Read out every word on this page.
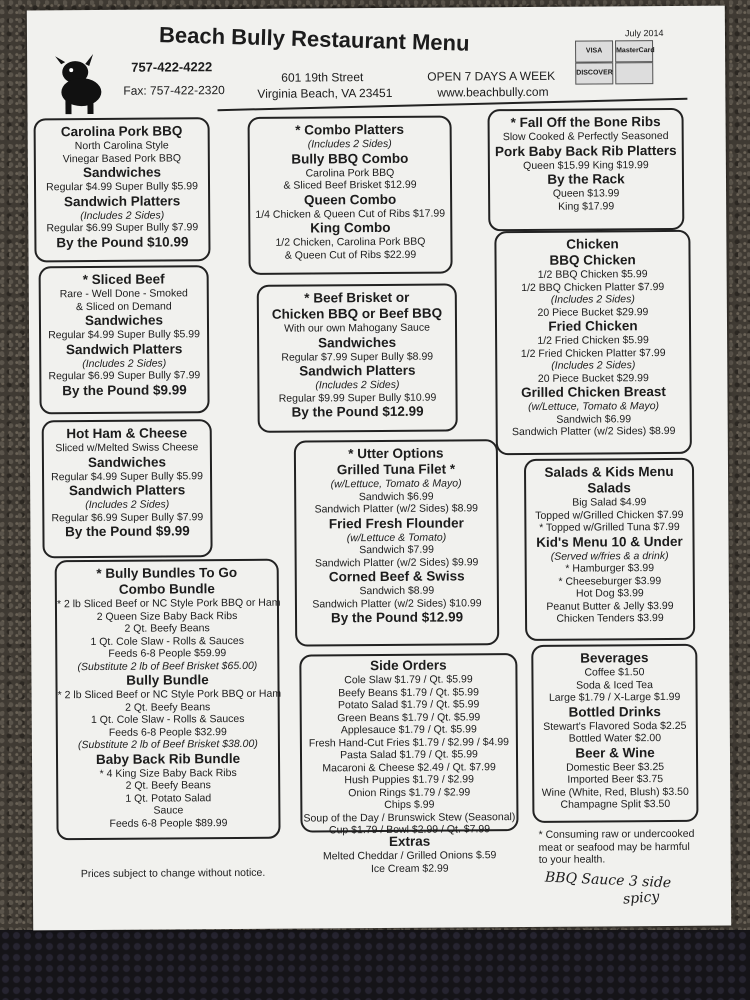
Beach Bully Restaurant Menu
757-422-4222
Fax: 757-422-2320
601 19th Street
Virginia Beach, VA 23451
OPEN 7 DAYS A WEEK
www.beachbully.com
July 2014
VISA	MasterCard
DISCOVER
Carolina Pork BBQ
North Carolina Style
Vinegar Based Pork BBQ
Sandwiches
Regular $4.99 Super Bully $5.99
Sandwich Platters
(Includes 2 Sides)
Regular $6.99 Super Bully $7.99
By the Pound $10.99
* Combo Platters
(Includes 2 Sides)
Bully BBQ Combo
Carolina Pork BBQ
& Sliced Beef Brisket $12.99
Queen Combo
1/4 Chicken & Queen Cut of Ribs $17.99
King Combo
1/2 Chicken, Carolina Pork BBQ
& Queen Cut of Ribs $22.99
* Fall Off the Bone Ribs
Slow Cooked & Perfectly Seasoned
Pork Baby Back Rib Platters
Queen $15.99 King $19.99
By the Rack
Queen $13.99
King $17.99
* Sliced Beef
Rare - Well Done - Smoked
& Sliced on Demand
Sandwiches
Regular $4.99 Super Bully $5.99
Sandwich Platters
(Includes 2 Sides)
Regular $6.99 Super Bully $7.99
By the Pound $9.99
* Beef Brisket or
Chicken BBQ or Beef BBQ
With our own Mahogany Sauce
Sandwiches
Regular $7.99 Super Bully $8.99
Sandwich Platters
(Includes 2 Sides)
Regular $9.99 Super Bully $10.99
By the Pound $12.99
Chicken
BBQ Chicken
1/2 BBQ Chicken $5.99
1/2 BBQ Chicken Platter $7.99
(Includes 2 Sides)
20 Piece Bucket $29.99
Fried Chicken
1/2 Fried Chicken $5.99
1/2 Fried Chicken Platter $7.99
(Includes 2 Sides)
20 Piece Bucket $29.99
Grilled Chicken Breast
(w/Lettuce, Tomato & Mayo)
Sandwich $6.99
Sandwich Platter (w/2 Sides) $8.99
Hot Ham & Cheese
Sliced w/Melted Swiss Cheese
Sandwiches
Regular $4.99 Super Bully $5.99
Sandwich Platters
(Includes 2 Sides)
Regular $6.99 Super Bully $7.99
By the Pound $9.99
* Utter Options
Grilled Tuna Filet *
(w/Lettuce, Tomato & Mayo)
Sandwich $6.99
Sandwich Platter (w/2 Sides) $8.99
Fried Fresh Flounder
(w/Lettuce & Tomato)
Sandwich $7.99
Sandwich Platter (w/2 Sides) $9.99
Corned Beef & Swiss
Sandwich $8.99
Sandwich Platter (w/2 Sides) $10.99
By the Pound $12.99
Salads & Kids Menu
Salads
Big Salad $4.99
Topped w/Grilled Chicken $7.99
* Topped w/Grilled Tuna $7.99
Kid's Menu 10 & Under
(Served w/fries & a drink)
* Hamburger $3.99
* Cheeseburger $3.99
Hot Dog $3.99
Peanut Butter & Jelly $3.99
Chicken Tenders $3.99
* Bully Bundles To Go
Combo Bundle
* 2 lb Sliced Beef or NC Style Pork BBQ or Ham
2 Queen Size Baby Back Ribs
2 Qt. Beefy Beans
1 Qt. Cole Slaw - Rolls & Sauces
Feeds 6-8 People $59.99
(Substitute 2 lb of Beef Brisket $65.00)
Bully Bundle
* 2 lb Sliced Beef or NC Style Pork BBQ or Ham
2 Qt. Beefy Beans
1 Qt. Cole Slaw - Rolls & Sauces
Feeds 6-8 People $32.99
(Substitute 2 lb of Beef Brisket $38.00)
Baby Back Rib Bundle
* 4 King Size Baby Back Ribs
2 Qt. Beefy Beans
1 Qt. Potato Salad
Sauce
Feeds 6-8 People $89.99
Side Orders
Cole Slaw $1.79 / Qt. $5.99
Beefy Beans $1.79 / Qt. $5.99
Potato Salad $1.79 / Qt. $5.99
Green Beans $1.79 / Qt. $5.99
Applesauce $1.79 / Qt. $5.99
Fresh Hand-Cut Fries $1.79 / $2.99 / $4.99
Pasta Salad $1.79 / Qt. $5.99
Macaroni & Cheese $2.49 / Qt. $7.99
Hush Puppies $1.79 / $2.99
Onion Rings $1.79 / $2.99
Chips $.99
Soup of the Day / Brunswick Stew (Seasonal)
Cup $1.79 / Bowl $2.99 / Qt. $7.99
Extras
Melted Cheddar / Grilled Onions $.59
Ice Cream $2.99
Beverages
Coffee $1.50
Soda & Iced Tea
Large $1.79 / X-Large $1.99
Bottled Drinks
Stewart's Flavored Soda $2.25
Bottled Water $2.00
Beer & Wine
Domestic Beer $3.25
Imported Beer $3.75
Wine (White, Red, Blush) $3.50
Champagne Split $3.50
Prices subject to change without notice.
* Consuming raw or undercooked
meat or seafood may be harmful
to your health.
BBQ Sauce 3 side
spicy
